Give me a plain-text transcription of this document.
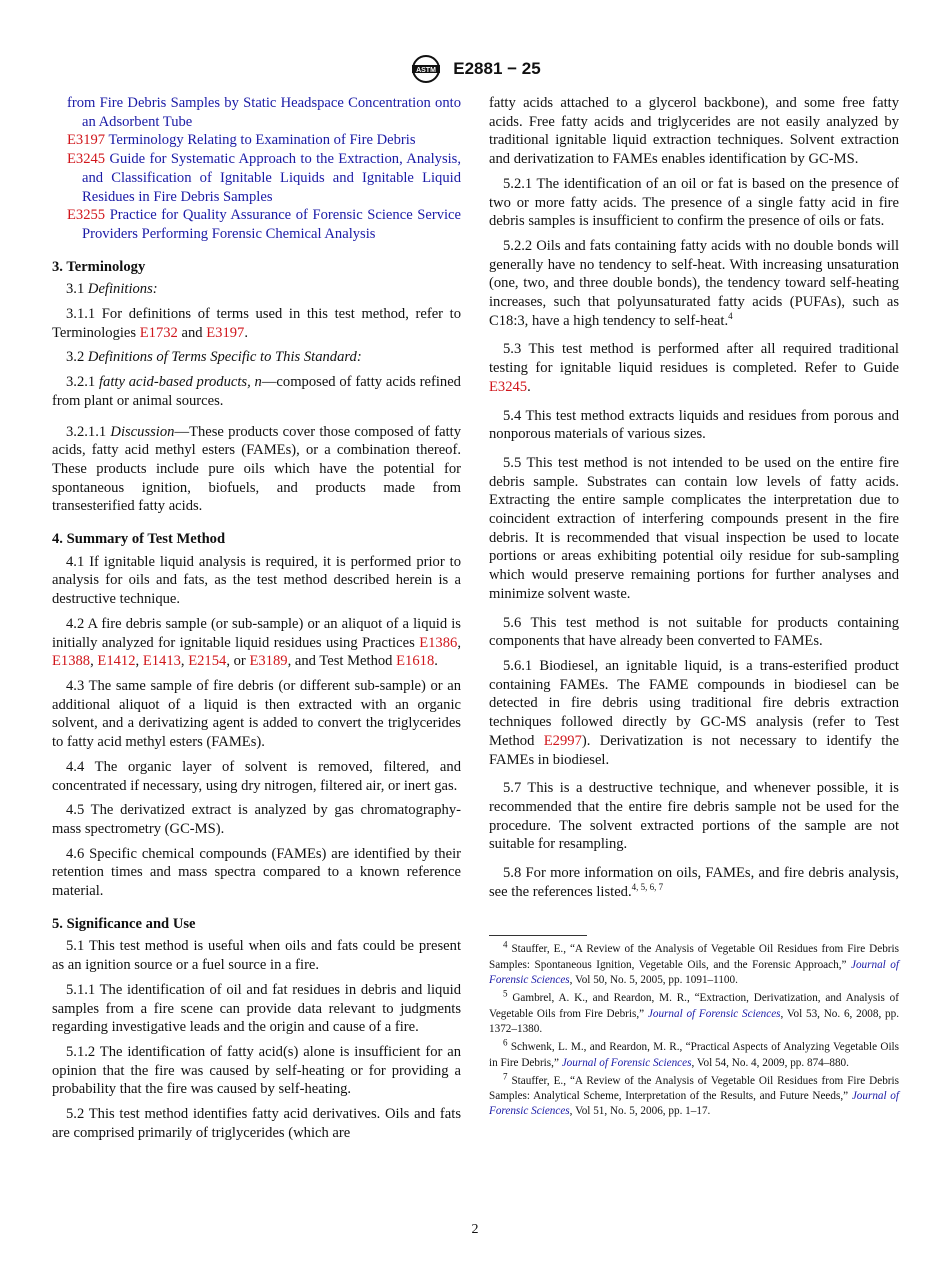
ASTM E2881 − 25
from Fire Debris Samples by Static Headspace Concentration onto an Adsorbent Tube
E3197 Terminology Relating to Examination of Fire Debris
E3245 Guide for Systematic Approach to the Extraction, Analysis, and Classification of Ignitable Liquids and Ignitable Liquid Residues in Fire Debris Samples
E3255 Practice for Quality Assurance of Forensic Science Service Providers Performing Forensic Chemical Analysis
3. Terminology

3.1 Definitions:

3.1.1 For definitions of terms used in this test method, refer to Terminologies E1732 and E3197.

3.2 Definitions of Terms Specific to This Standard:

3.2.1 fatty acid-based products, n—composed of fatty acids refined from plant or animal sources.

3.2.1.1 Discussion—These products cover those composed of fatty acids, fatty acid methyl esters (FAMEs), or a combination thereof. These products include pure oils which have the potential for spontaneous ignition, biofuels, and products made from transesterified fatty acids.

4. Summary of Test Method

4.1 If ignitable liquid analysis is required, it is performed prior to analysis for oils and fats, as the test method described herein is a destructive technique.

4.2 A fire debris sample (or sub-sample) or an aliquot of a liquid is initially analyzed for ignitable liquid residues using Practices E1386, E1388, E1412, E1413, E2154, or E3189, and Test Method E1618.

4.3 The same sample of fire debris (or different sub-sample) or an additional aliquot of a liquid is then extracted with an organic solvent, and a derivatizing agent is added to convert the triglycerides to fatty acid methyl esters (FAMEs).

4.4 The organic layer of solvent is removed, filtered, and concentrated if necessary, using dry nitrogen, filtered air, or inert gas.

4.5 The derivatized extract is analyzed by gas chromatography-mass spectrometry (GC-MS).

4.6 Specific chemical compounds (FAMEs) are identified by their retention times and mass spectra compared to a known reference material.

5. Significance and Use

5.1 This test method is useful when oils and fats could be present as an ignition source or a fuel source in a fire.

5.1.1 The identification of oil and fat residues in debris and liquid samples from a fire scene can provide data relevant to judgments regarding investigative leads and the origin and cause of a fire.

5.1.2 The identification of fatty acid(s) alone is insufficient for an opinion that the fire was caused by self-heating or for providing a probability that the fire was caused by self-heating.

5.2 This test method identifies fatty acid derivatives. Oils and fats are comprised primarily of triglycerides (which are

fatty acids attached to a glycerol backbone), and some free fatty acids. Free fatty acids and triglycerides are not easily analyzed by traditional ignitable liquid extraction techniques. Solvent extraction and derivatization to FAMEs enables identification by GC-MS.

5.2.1 The identification of an oil or fat is based on the presence of two or more fatty acids. The presence of a single fatty acid in fire debris samples is insufficient to confirm the presence of oils or fats.

5.2.2 Oils and fats containing fatty acids with no double bonds will generally have no tendency to self-heat. With increasing unsaturation (one, two, and three double bonds), the tendency toward self-heating increases, such that polyunsaturated fatty acids (PUFAs), such as C18:3, have a high tendency to self-heat.$^4$

5.3 This test method is performed after all required traditional testing for ignitable liquid residues is completed. Refer to Guide E3245.

5.4 This test method extracts liquids and residues from porous and nonporous materials of various sizes.

5.5 This test method is not intended to be used on the entire fire debris sample. Substrates can contain low levels of fatty acids. Extracting the entire sample complicates the interpretation due to coincident extraction of interfering compounds present in the fire debris. It is recommended that visual inspection be used to locate portions or areas exhibiting potential oily residue for sub-sampling which would preserve remaining portions for further analyses and minimize solvent waste.

5.6 This test method is not suitable for products containing components that have already been converted to FAMEs.

5.6.1 Biodiesel, an ignitable liquid, is a trans-esterified product containing FAMEs. The FAME compounds in biodiesel can be detected in fire debris using traditional fire debris extraction techniques followed directly by GC-MS analysis (refer to Test Method E2997). Derivatization is not necessary to identify the FAMEs in biodiesel.

5.7 This is a destructive technique, and whenever possible, it is recommended that the entire fire debris sample not be used for the procedure. The solvent extracted portions of the sample are not suitable for resampling.

5.8 For more information on oils, FAMEs, and fire debris analysis, see the references listed.$^{4, 5, 6, 7}$

$^4$ Stauffer, E., “A Review of the Analysis of Vegetable Oil Residues from Fire Debris Samples: Spontaneous Ignition, Vegetable Oils, and the Forensic Approach,” Journal of Forensic Sciences, Vol 50, No. 5, 2005, pp. 1091–1100.

$^5$ Gambrel, A. K., and Reardon, M. R., “Extraction, Derivatization, and Analysis of Vegetable Oils from Fire Debris,” Journal of Forensic Sciences, Vol 53, No. 6, 2008, pp. 1372–1380.

$^6$ Schwenk, L. M., and Reardon, M. R., “Practical Aspects of Analyzing Vegetable Oils in Fire Debris,” Journal of Forensic Sciences, Vol 54, No. 4, 2009, pp. 874–880.

$^7$ Stauffer, E., “A Review of the Analysis of Vegetable Oil Residues from Fire Debris Samples: Analytical Scheme, Interpretation of the Results, and Future Needs,” Journal of Forensic Sciences, Vol 51, No. 5, 2006, pp. 1–17.

2
